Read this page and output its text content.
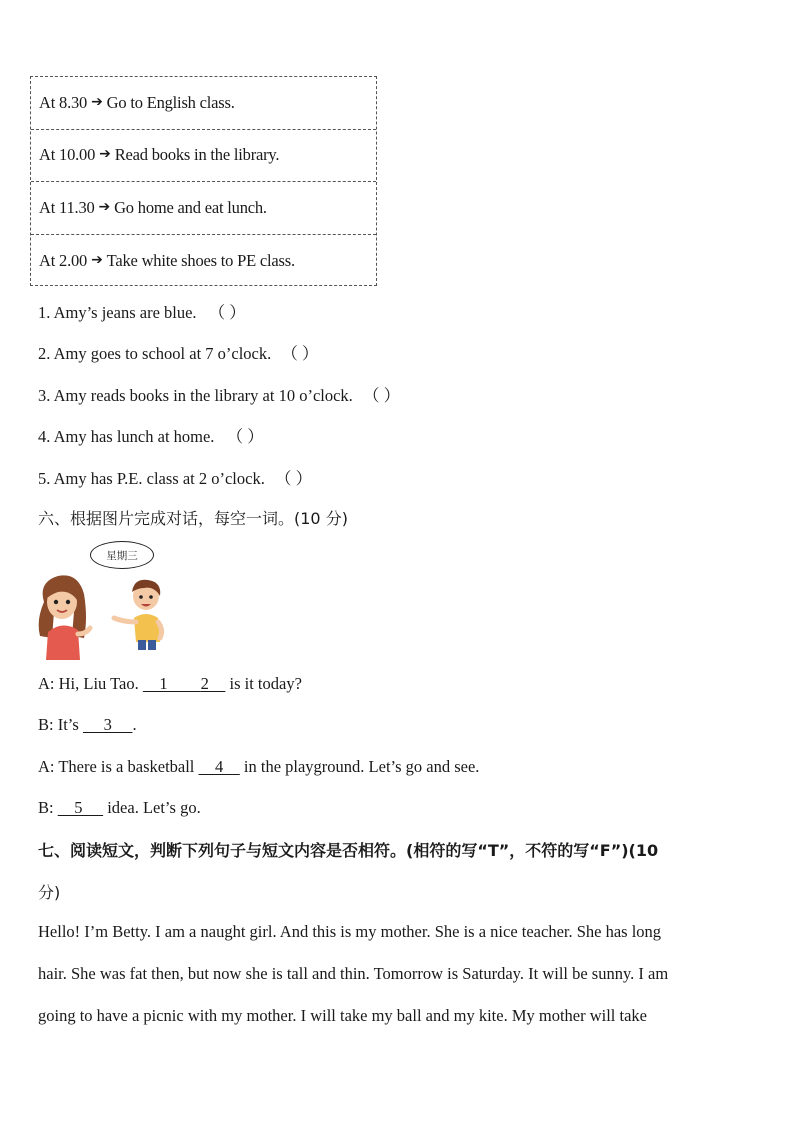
At 8.30 ➔ Go to English class.
At 10.00 ➔ Read books in the library.
At 11.30 ➔ Go home and eat lunch.
At 2.00 ➔ Take white shoes to PE class.
1. Amy’s jeans are blue. （ ）
2. Amy goes to school at 7 o’clock. （ ）
3. Amy reads books in the library at 10 o’clock. （ ）
4. Amy has lunch at home. （ ）
5. Amy has P.E. class at 2 o’clock. （ ）
六、根据图片完成对话，每空一词。(10 分)
星期三
A: Hi, Liu Tao.     1        2     is it today?
B: It’s      3     .
A: There is a basketball     4     in the playground. Let’s go and see.
B:     5      idea. Let’s go.
七、阅读短文，判断下列句子与短文内容是否相符。(相符的写“T”，不符的写“F”)(10
分)
Hello! I’m Betty. I am a naught girl. And this is my mother. She is a nice teacher. She has long
hair. She was fat then, but now she is tall and thin. Tomorrow is Saturday. It will be sunny. I am
going to have a picnic with my mother. I will take my ball and my kite. My mother will take
